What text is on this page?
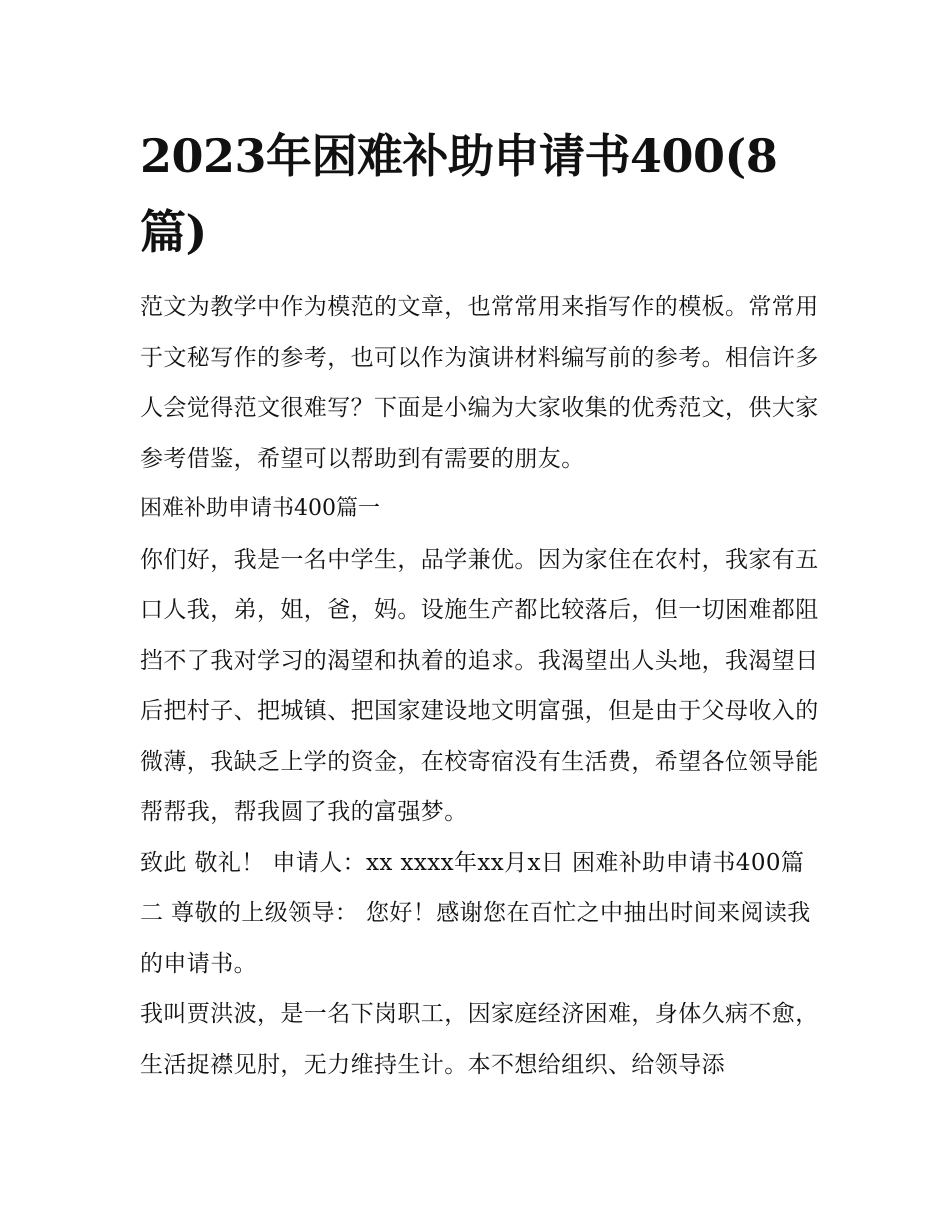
2023年困难补助申请书400(8篇)

范文为教学中作为模范的文章，也常常用来指写作的模板。常常用于文秘写作的参考，也可以作为演讲材料编写前的参考。相信许多人会觉得范文很难写？下面是小编为大家收集的优秀范文，供大家参考借鉴，希望可以帮助到有需要的朋友。

困难补助申请书400篇一

你们好，我是一名中学生，品学兼优。因为家住在农村，我家有五口人我，弟，姐，爸，妈。设施生产都比较落后，但一切困难都阻挡不了我对学习的渴望和执着的追求。我渴望出人头地，我渴望日后把村子、把城镇、把国家建设地文明富强，但是由于父母收入的微薄，我缺乏上学的资金，在校寄宿没有生活费，希望各位领导能帮帮我，帮我圆了我的富强梦。

致此 敬礼！ 申请人：xx xxxx年xx月x日 困难补助申请书400篇二 尊敬的上级领导： 您好！感谢您在百忙之中抽出时间来阅读我的申请书。

我叫贾洪波，是一名下岗职工，因家庭经济困难，身体久病不愈，生活捉襟见肘，无力维持生计。本不想给组织、给领导添
